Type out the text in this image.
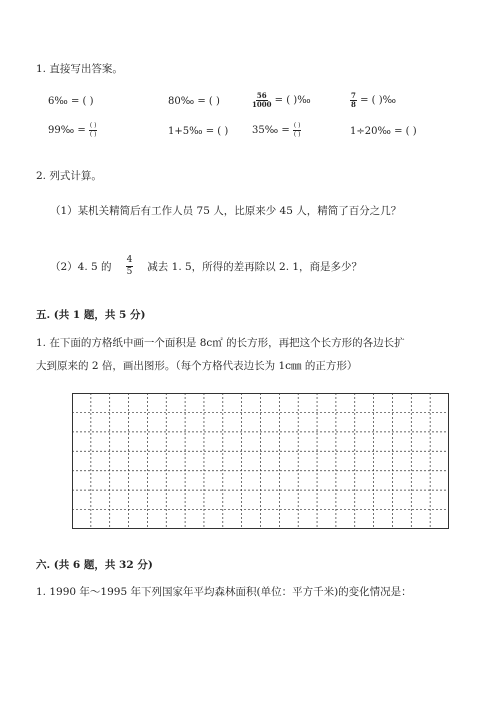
1. 直接写出答案。
6‰ = ( )	80‰ = ( )	$\frac{56}{1000}$ = ( )‰	$\frac{7}{8}$ = ( )‰
99‰ = $\frac{( )}{( )}$	1+5‰ = ( ) 35‰ = $\frac{( )}{( )}$	1÷20‰ = ( )
2. 列式计算。
（1）某机关精简后有工作人员 75 人，比原来少 45 人，精简了百分之几？
（2）4. 5 的 $\frac{4}{5}$ 减去 1. 5，所得的差再除以 2. 1，商是多少？
五. (共 1 题，共 5 分)
1. 在下面的方格纸中画一个面积是 8c㎡ 的长方形，再把这个长方形的各边长扩
大到原来的 2 倍，画出图形。（每个方格代表边长为 1c㎜ 的正方形）
六. (共 6 题，共 32 分)
1. 1990 年～1995 年下列国家年平均森林面积(单位：平方千米)的变化情况是：
